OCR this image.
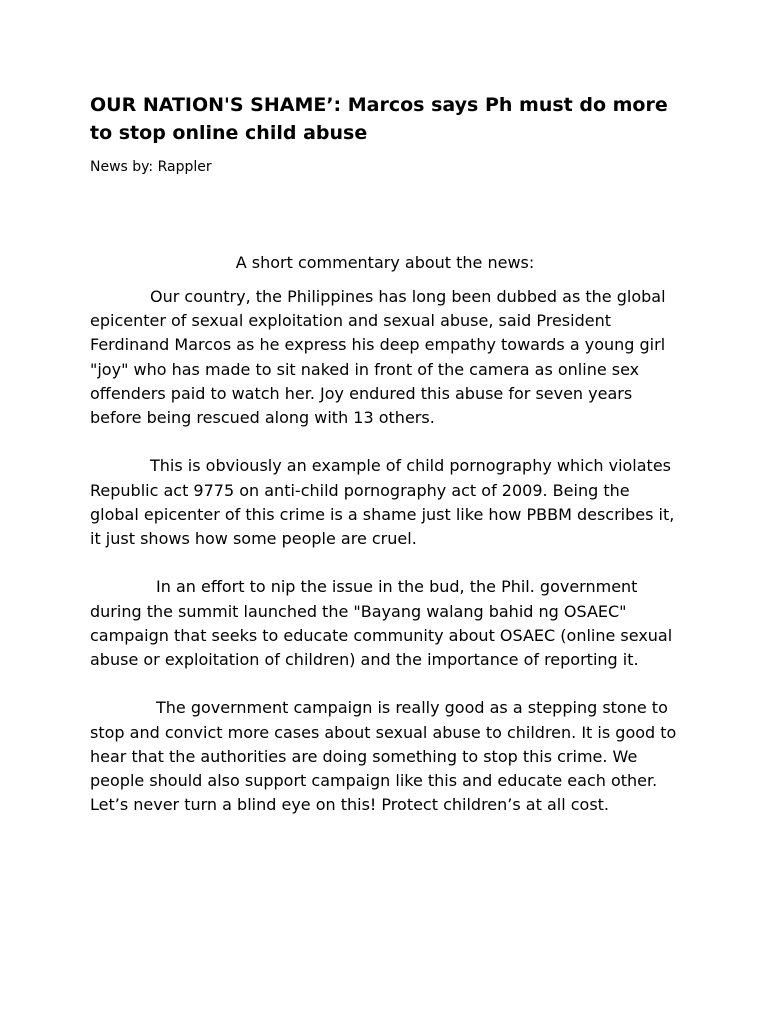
OUR NATION'S SHAME’: Marcos says Ph must do more to stop online child abuse

News by: Rappler

A short commentary about the news:

Our country, the Philippines has long been dubbed as the global epicenter of sexual exploitation and sexual abuse, said President Ferdinand Marcos as he express his deep empathy towards a young girl "joy" who has made to sit naked in front of the camera as online sex offenders paid to watch her. Joy endured this abuse for seven years before being rescued along with 13 others.

This is obviously an example of child pornography which violates Republic act 9775 on anti-child pornography act of 2009. Being the global epicenter of this crime is a shame just like how PBBM describes it, it just shows how some people are cruel.

In an effort to nip the issue in the bud, the Phil. government during the summit launched the "Bayang walang bahid ng OSAEC" campaign that seeks to educate community about OSAEC (online sexual abuse or exploitation of children) and the importance of reporting it.

The government campaign is really good as a stepping stone to stop and convict more cases about sexual abuse to children. It is good to hear that the authorities are doing something to stop this crime. We people should also support campaign like this and educate each other. Let’s never turn a blind eye on this! Protect children’s at all cost.
